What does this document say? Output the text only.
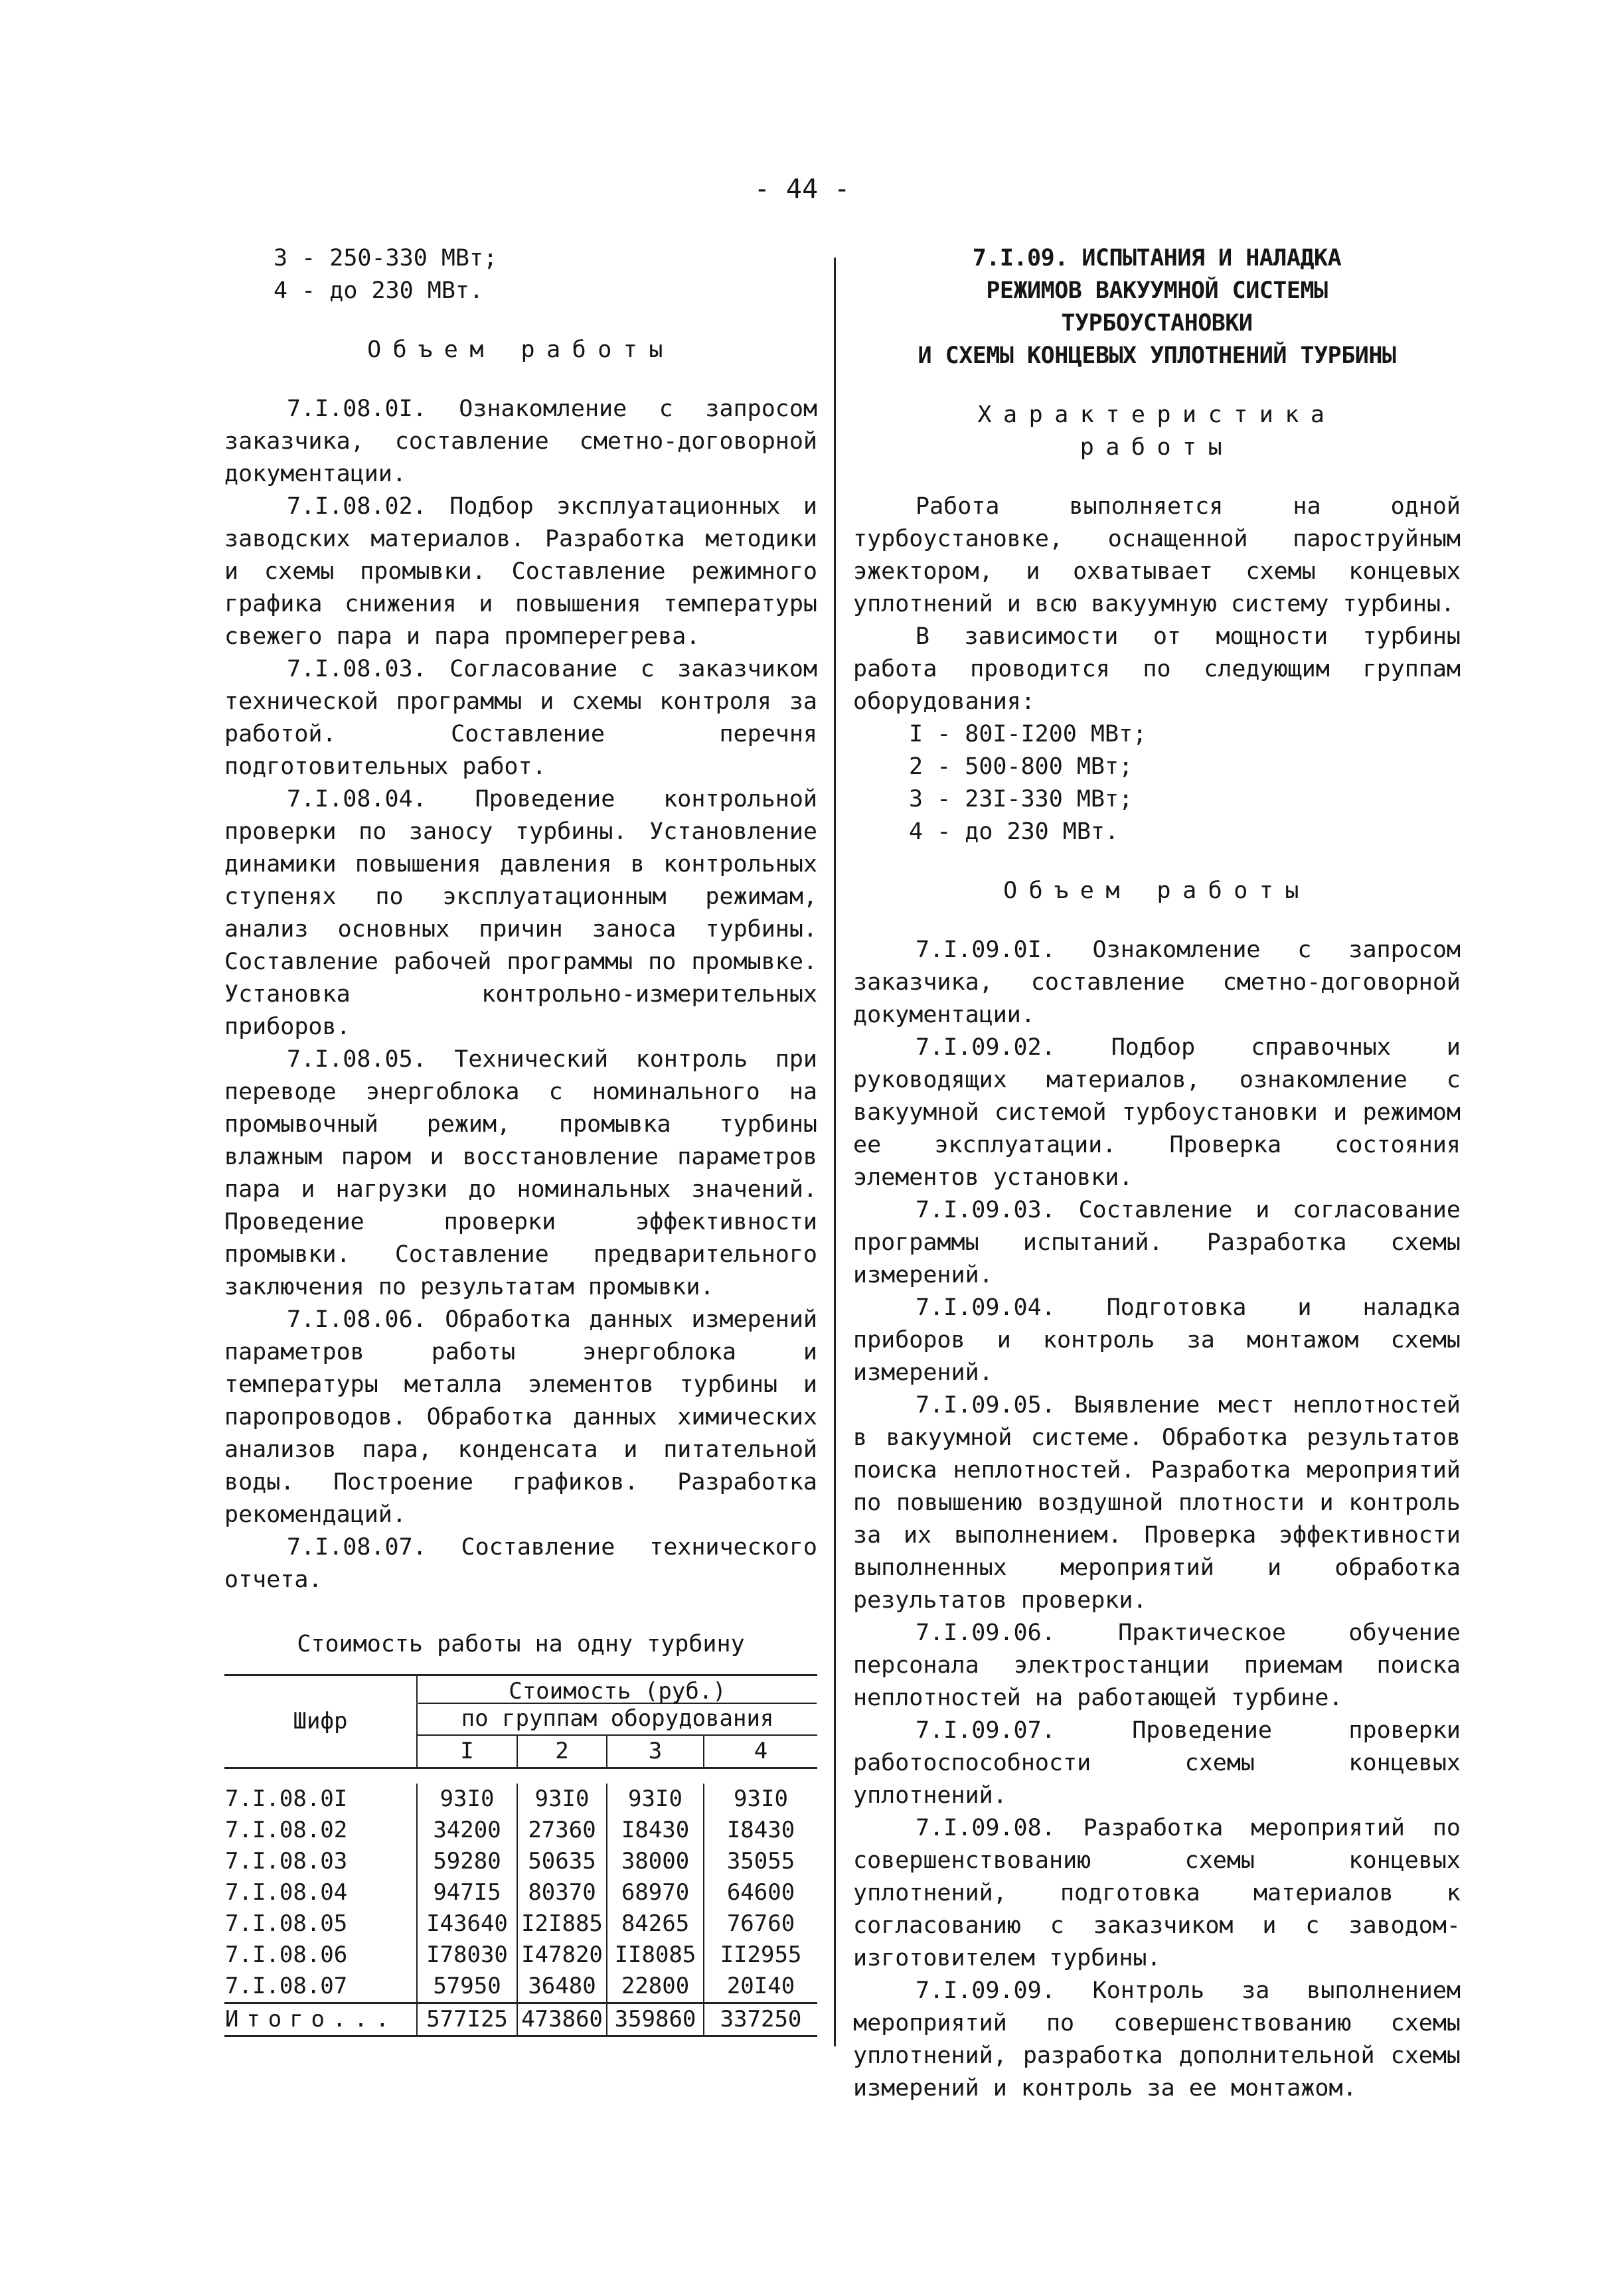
- 44 -

3 - 250-330 МВт;

4 - до 230 МВт.

Объем работы

7.I.08.0I. Ознакомление с запросом заказчика, составление сметно-договорной документации.

7.I.08.02. Подбор эксплуатационных и заводских материалов. Разработка методики и схемы промывки. Составление режимного графика снижения и повышения температуры свежего пара и пара промперегрева.

7.I.08.03. Согласование с заказчиком технической программы и схемы контроля за работой. Составление перечня подготовительных работ.

7.I.08.04. Проведение контрольной проверки по заносу турбины. Установление динамики повышения давления в контрольных ступенях по эксплуатационным режимам, анализ основных причин заноса турбины. Составление рабочей программы по промывке. Установка контрольно-измерительных приборов.

7.I.08.05. Технический контроль при переводе энергоблока с номинального на промывочный режим, промывка турбины влажным паром и восстановление параметров пара и нагрузки до номинальных значений. Проведение проверки эффективности промывки. Составление предварительного заключения по результатам промывки.

7.I.08.06. Обработка данных измерений параметров работы энергоблока и температуры металла элементов турбины и паропроводов. Обработка данных химических анализов пара, конденсата и питательной воды. Построение графиков. Разработка рекомендаций.

7.I.08.07. Составление технического отчета.

Стоимость работы на одну турбину

Шифр	Стоимость (руб.)
по группам оборудования			

	I	2	3	4

7.I.08.0I	93I0	93I0	93I0	93I0
7.I.08.02	34200	27360	I8430	I8430
7.I.08.03	59280	50635	38000	35055
7.I.08.04	947I5	80370	68970	64600
7.I.08.05	I43640	I2I885	84265	76760
7.I.08.06	I78030	I47820	II8085	II2955
7.I.08.07	57950	36480	22800	20I40
Итого...	577I25	473860	359860	337250

7.I.09. ИСПЫТАНИЯ И НАЛАДКА

РЕЖИМОВ ВАКУУМНОЙ СИСТЕМЫ

ТУРБОУСТАНОВКИ

И СХЕМЫ КОНЦЕВЫХ УПЛОТНЕНИЙ ТУРБИНЫ

Характеристика

работы

Работа выполняется на одной турбоустановке, оснащенной пароструйным эжектором, и охватывает схемы концевых уплотнений и всю вакуумную систему турбины.

В зависимости от мощности турбины работа проводится по следующим группам оборудования:

I - 80I-I200 МВт;

2 - 500-800 МВт;

3 - 23I-330 МВт;

4 - до 230 МВт.

Объем работы

7.I.09.0I. Ознакомление с запросом заказчика, составление сметно-договорной документации.

7.I.09.02. Подбор справочных и руководящих материалов, ознакомление с вакуумной системой турбоустановки и режимом ее эксплуатации. Проверка состояния элементов установки.

7.I.09.03. Составление и согласование программы испытаний. Разработка схемы измерений.

7.I.09.04. Подготовка и наладка приборов и контроль за монтажом схемы измерений.

7.I.09.05. Выявление мест неплотностей в вакуумной системе. Обработка результатов поиска неплотностей. Разработка мероприятий по повышению воздушной плотности и контроль за их выполнением. Проверка эффективности выполненных мероприятий и обработка результатов проверки.

7.I.09.06. Практическое обучение персонала электростанции приемам поиска неплотностей на работающей турбине.

7.I.09.07. Проведение проверки работоспособности схемы концевых уплотнений.

7.I.09.08. Разработка мероприятий по совершенствованию схемы концевых уплотнений, подготовка материалов к согласованию с заказчиком и с заводом-изготовителем турбины.

7.I.09.09. Контроль за выполнением мероприятий по совершенствованию схемы уплотнений, разработка дополнительной схемы измерений и контроль за ее монтажом.
